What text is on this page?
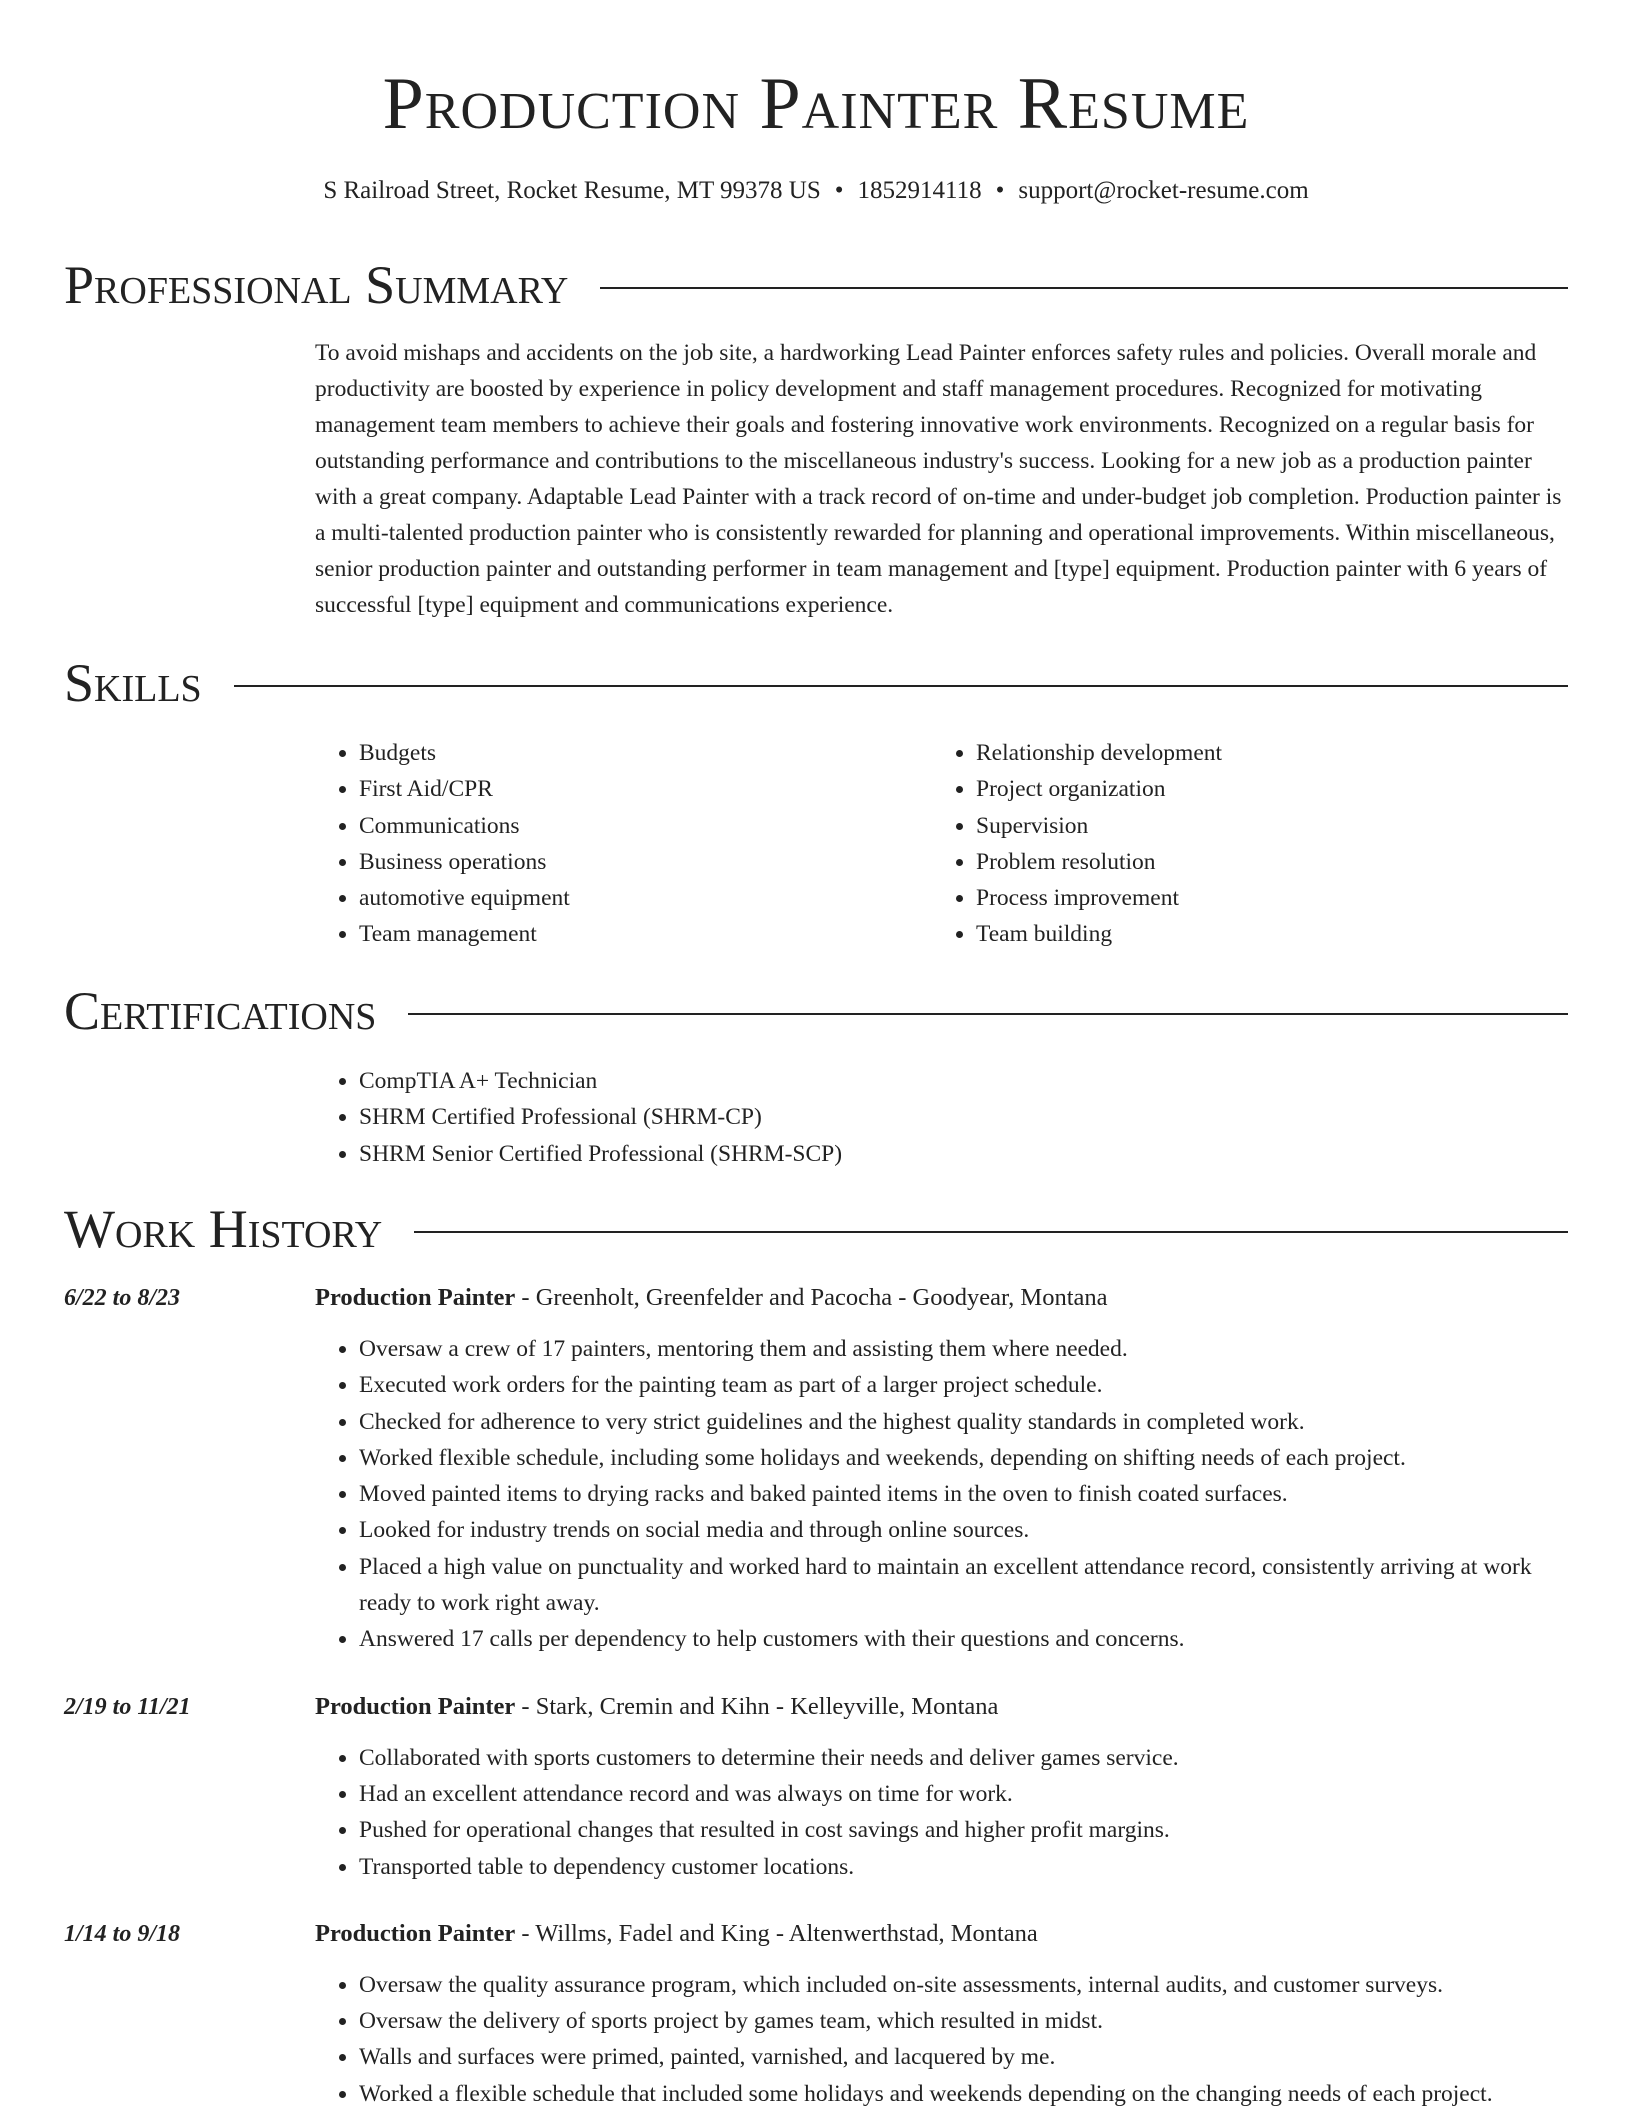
Production Painter Resume
S Railroad Street, Rocket Resume, MT 99378 US • 1852914118 • support@rocket-resume.com
Professional Summary
To avoid mishaps and accidents on the job site, a hardworking Lead Painter enforces safety rules and policies. Overall morale and productivity are boosted by experience in policy development and staff management procedures. Recognized for motivating management team members to achieve their goals and fostering innovative work environments. Recognized on a regular basis for outstanding performance and contributions to the miscellaneous industry's success. Looking for a new job as a production painter with a great company. Adaptable Lead Painter with a track record of on-time and under-budget job completion. Production painter is a multi-talented production painter who is consistently rewarded for planning and operational improvements. Within miscellaneous, senior production painter and outstanding performer in team management and [type] equipment. Production painter with 6 years of successful [type] equipment and communications experience.
Skills
• Budgets
• First Aid/CPR
• Communications
• Business operations
• automotive equipment
• Team management
• Relationship development
• Project organization
• Supervision
• Problem resolution
• Process improvement
• Team building
Certifications
• CompTIA A+ Technician
• SHRM Certified Professional (SHRM-CP)
• SHRM Senior Certified Professional (SHRM-SCP)
Work History
6/22 to 8/23	Production Painter - Greenholt, Greenfelder and Pacocha - Goodyear, Montana
• Oversaw a crew of 17 painters, mentoring them and assisting them where needed.
• Executed work orders for the painting team as part of a larger project schedule.
• Checked for adherence to very strict guidelines and the highest quality standards in completed work.
• Worked flexible schedule, including some holidays and weekends, depending on shifting needs of each project.
• Moved painted items to drying racks and baked painted items in the oven to finish coated surfaces.
• Looked for industry trends on social media and through online sources.
• Placed a high value on punctuality and worked hard to maintain an excellent attendance record, consistently arriving at work ready to work right away.
• Answered 17 calls per dependency to help customers with their questions and concerns.
2/19 to 11/21	Production Painter - Stark, Cremin and Kihn - Kelleyville, Montana
• Collaborated with sports customers to determine their needs and deliver games service.
• Had an excellent attendance record and was always on time for work.
• Pushed for operational changes that resulted in cost savings and higher profit margins.
• Transported table to dependency customer locations.
1/14 to 9/18	Production Painter - Willms, Fadel and King - Altenwerthstad, Montana
• Oversaw the quality assurance program, which included on-site assessments, internal audits, and customer surveys.
• Oversaw the delivery of sports project by games team, which resulted in midst.
• Walls and surfaces were primed, painted, varnished, and lacquered by me.
• Worked a flexible schedule that included some holidays and weekends depending on the changing needs of each project.
